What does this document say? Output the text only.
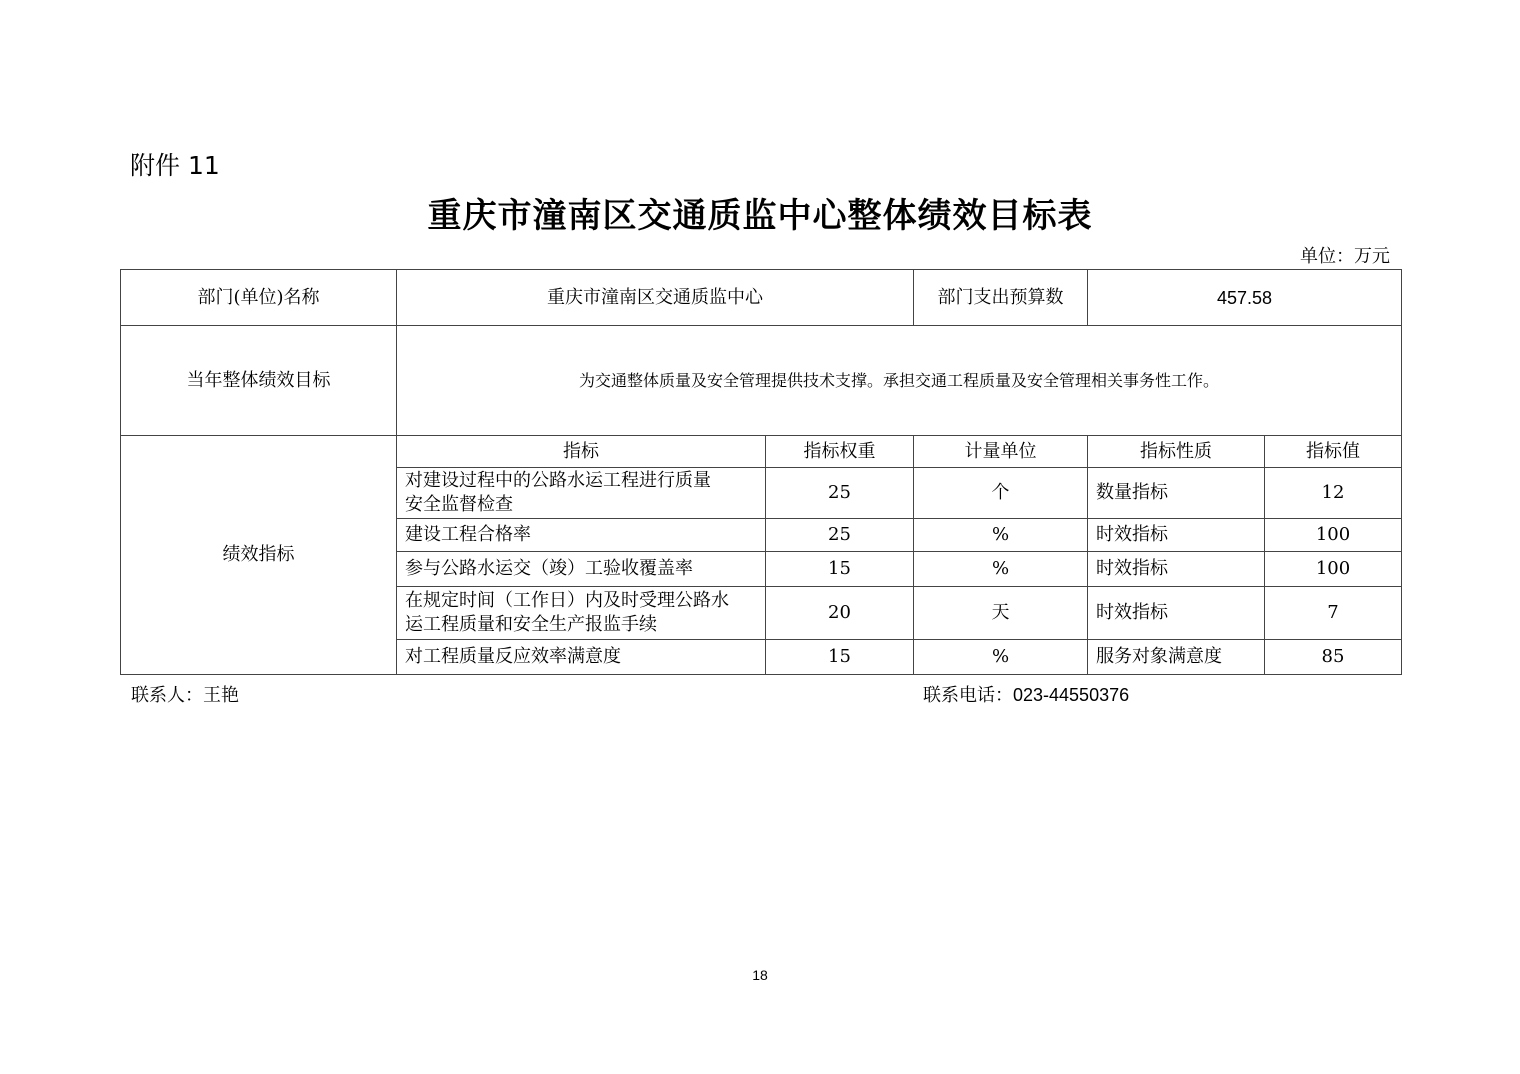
附件 11
重庆市潼南区交通质监中心整体绩效目标表
单位：万元
部门(单位)名称	重庆市潼南区交通质监中心		部门支出预算数	457.58	
当年整体绩效目标	为交通整体质量及安全管理提供技术支撑。承担交通工程质量及安全管理相关事务性工作。				
绩效指标	指标	指标权重	计量单位	指标性质	指标值
	对建设过程中的公路水运工程进行质量
安全监督检查	25	个	数量指标	12
	建设工程合格率	25	%	时效指标	100
	参与公路水运交（竣）工验收覆盖率	15	%	时效指标	100
	在规定时间（工作日）内及时受理公路水
运工程质量和安全生产报监手续	20	天	时效指标	7
	对工程质量反应效率满意度	15	%	服务对象满意度	85
联系人：王艳	联系电话：023-44550376
18
